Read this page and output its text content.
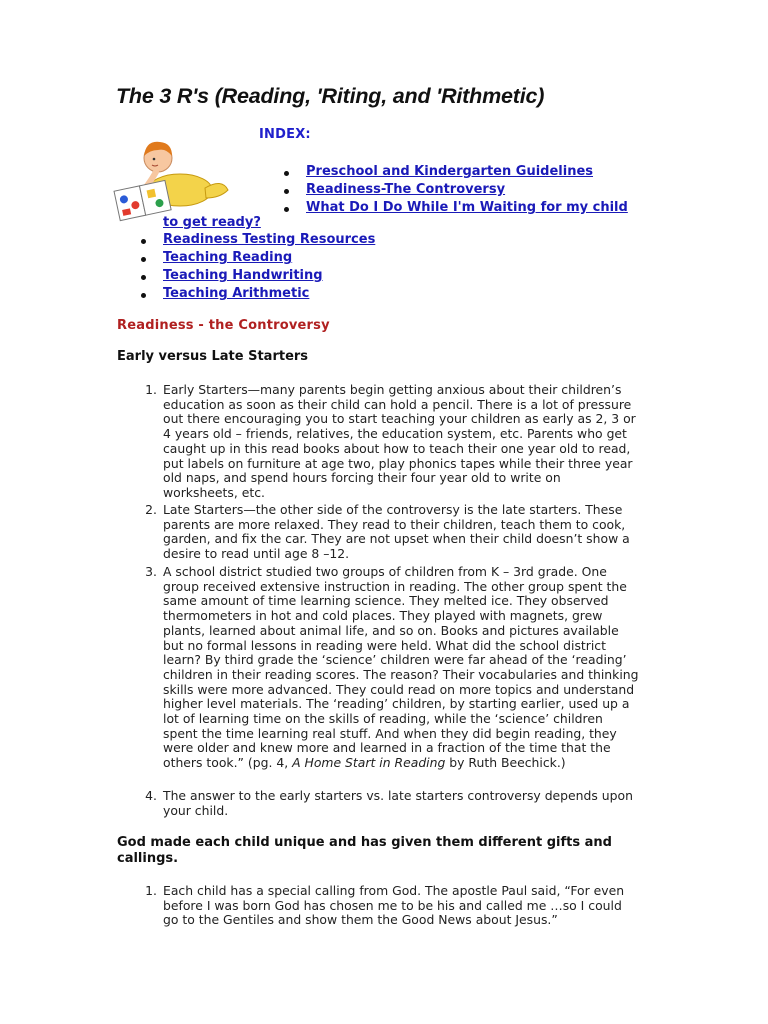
The 3 R's (Reading, 'Riting, and 'Rithmetic)
INDEX:
Preschool and Kindergarten Guidelines
Readiness-The Controversy
What Do I Do While I'm Waiting for my child
to get ready?
Readiness Testing Resources
Teaching Reading
Teaching Handwriting
Teaching Arithmetic
Readiness - the Controversy
Early versus Late Starters
1. Early Starters—many parents begin getting anxious about their children’s education as soon as their child can hold a pencil. There is a lot of pressure out there encouraging you to start teaching your children as early as 2, 3 or 4 years old – friends, relatives, the education system, etc. Parents who get caught up in this read books about how to teach their one year old to read, put labels on furniture at age two, play phonics tapes while their three year old naps, and spend hours forcing their four year old to write on worksheets, etc.
2. Late Starters—the other side of the controversy is the late starters. These parents are more relaxed. They read to their children, teach them to cook, garden, and fix the car. They are not upset when their child doesn’t show a desire to read until age 8 –12.
3. A school district studied two groups of children from K – 3rd grade. One group received extensive instruction in reading. The other group spent the same amount of time learning science. They melted ice. They observed thermometers in hot and cold places. They played with magnets, grew plants, learned about animal life, and so on. Books and pictures available but no formal lessons in reading were held. What did the school district learn? By third grade the ‘science’ children were far ahead of the ‘reading’ children in their reading scores. The reason? Their vocabularies and thinking skills were more advanced. They could read on more topics and understand higher level materials. The ‘reading’ children, by starting earlier, used up a lot of learning time on the skills of reading, while the ‘science’ children spent the time learning real stuff. And when they did begin reading, they were older and knew more and learned in a fraction of the time that the others took.” (pg. 4, A Home Start in Reading by Ruth Beechick.)
4. The answer to the early starters vs. late starters controversy depends upon your child.
God made each child unique and has given them different gifts and callings.
1. Each child has a special calling from God. The apostle Paul said, “For even before I was born God has chosen me to be his and called me …so I could go to the Gentiles and show them the Good News about Jesus.”
